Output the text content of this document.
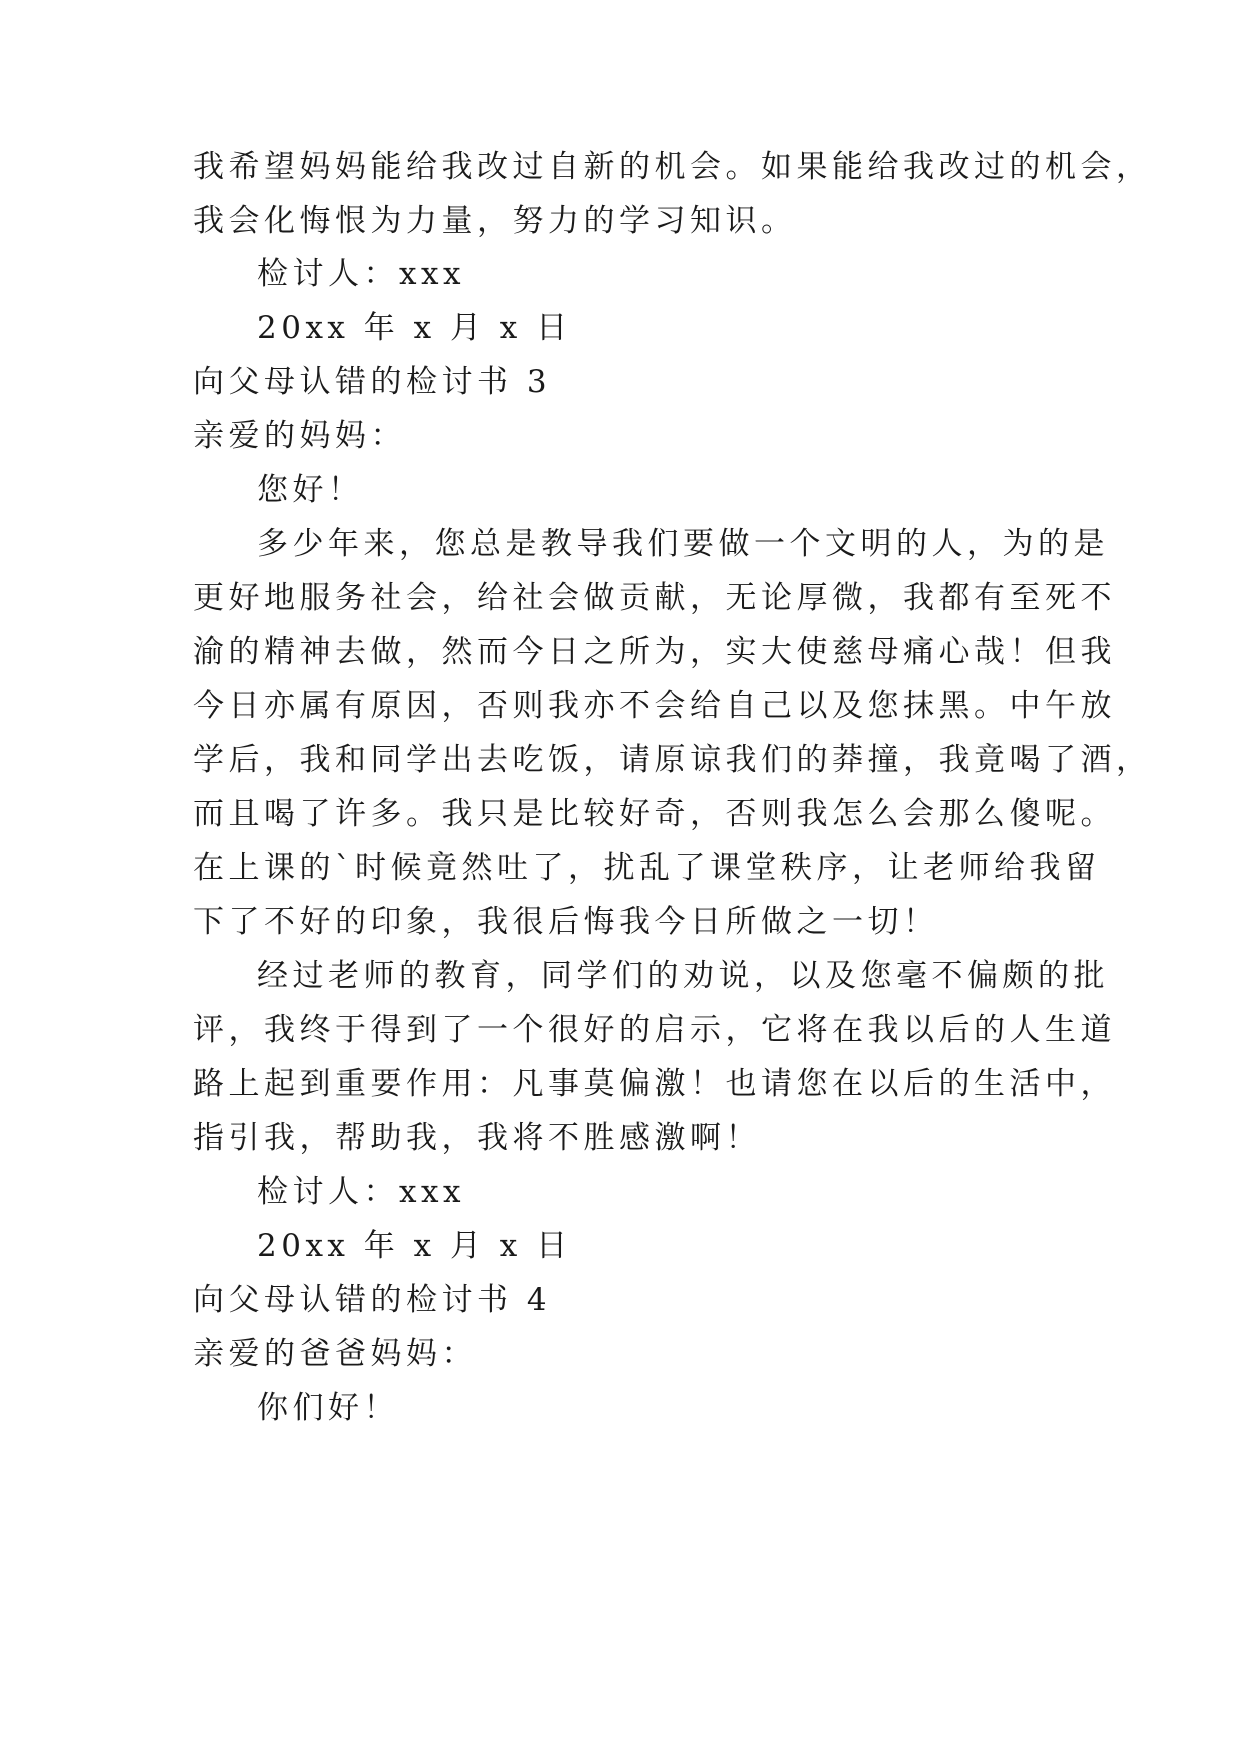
我希望妈妈能给我改过自新的机会。如果能给我改过的机会，

我会化悔恨为力量，努力的学习知识。

检讨人：xxx

20xx 年 x 月 x 日

向父母认错的检讨书 3

亲爱的妈妈：

您好！

多少年来，您总是教导我们要做一个文明的人，为的是

更好地服务社会，给社会做贡献，无论厚微，我都有至死不

渝的精神去做，然而今日之所为，实大使慈母痛心哉！但我

今日亦属有原因，否则我亦不会给自己以及您抹黑。中午放

学后，我和同学出去吃饭，请原谅我们的莽撞，我竟喝了酒，

而且喝了许多。我只是比较好奇，否则我怎么会那么傻呢。

在上课的`时候竟然吐了，扰乱了课堂秩序，让老师给我留

下了不好的印象，我很后悔我今日所做之一切！

经过老师的教育，同学们的劝说，以及您毫不偏颇的批

评，我终于得到了一个很好的启示，它将在我以后的人生道

路上起到重要作用：凡事莫偏激！也请您在以后的生活中，

指引我，帮助我，我将不胜感激啊！

检讨人：xxx

20xx 年 x 月 x 日

向父母认错的检讨书 4

亲爱的爸爸妈妈：

你们好！
